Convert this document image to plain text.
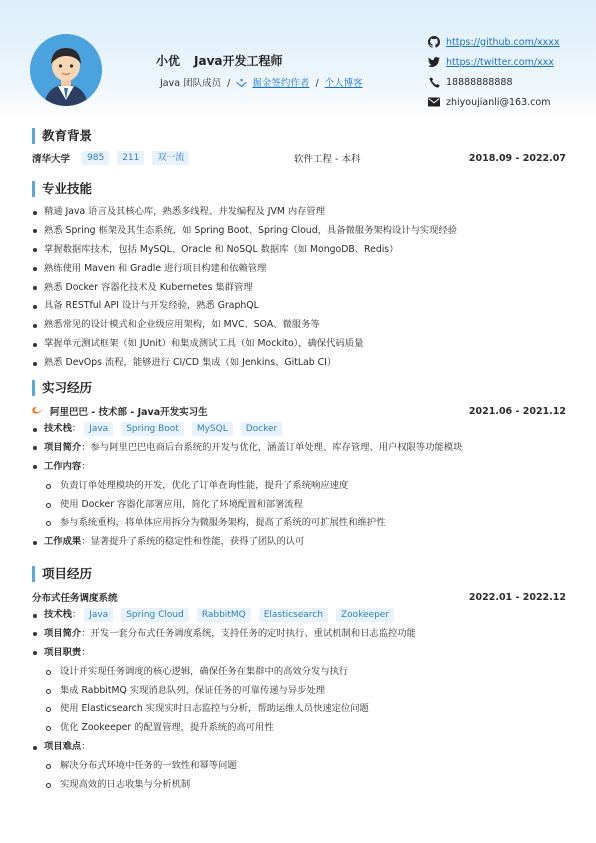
小优 Java开发工程师
Java 团队成员 / 掘金签约作者 / 个人博客
https://github.com/xxxx
https://twitter.com/xxx
18888888888
zhiyoujianli@163.com
教育背景
清华大学	985	211	双一流	软件工程 - 本科	2018.09 - 2022.07
专业技能
精通 Java 语言及其核心库，熟悉多线程、并发编程及 JVM 内存管理
熟悉 Spring 框架及其生态系统，如 Spring Boot、Spring Cloud，具备微服务架构设计与实现经验
掌握数据库技术，包括 MySQL、Oracle 和 NoSQL 数据库（如 MongoDB、Redis）
熟练使用 Maven 和 Gradle 进行项目构建和依赖管理
熟悉 Docker 容器化技术及 Kubernetes 集群管理
具备 RESTful API 设计与开发经验，熟悉 GraphQL
熟悉常见的设计模式和企业级应用架构，如 MVC、SOA、微服务等
掌握单元测试框架（如 JUnit）和集成测试工具（如 Mockito），确保代码质量
熟悉 DevOps 流程，能够进行 CI/CD 集成（如 Jenkins、GitLab CI）
实习经历
阿里巴巴 - 技术部 - Java开发实习生	2021.06 - 2021.12
技术栈： Java Spring Boot MySQL Docker
项目简介：参与阿里巴巴电商后台系统的开发与优化，涵盖订单处理、库存管理、用户权限等功能模块
工作内容：
负责订单处理模块的开发，优化了订单查询性能，提升了系统响应速度
使用 Docker 容器化部署应用，简化了环境配置和部署流程
参与系统重构，将单体应用拆分为微服务架构，提高了系统的可扩展性和维护性
工作成果：显著提升了系统的稳定性和性能，获得了团队的认可
项目经历
分布式任务调度系统	2022.01 - 2022.12
技术栈： Java Spring Cloud RabbitMQ Elasticsearch Zookeeper
项目简介：开发一套分布式任务调度系统，支持任务的定时执行、重试机制和日志监控功能
项目职责：
设计并实现任务调度的核心逻辑，确保任务在集群中的高效分发与执行
集成 RabbitMQ 实现消息队列，保证任务的可靠传递与异步处理
使用 Elasticsearch 实现实时日志监控与分析，帮助运维人员快速定位问题
优化 Zookeeper 的配置管理，提升系统的高可用性
项目难点：
解决分布式环境中任务的一致性和幂等问题
实现高效的日志收集与分析机制
